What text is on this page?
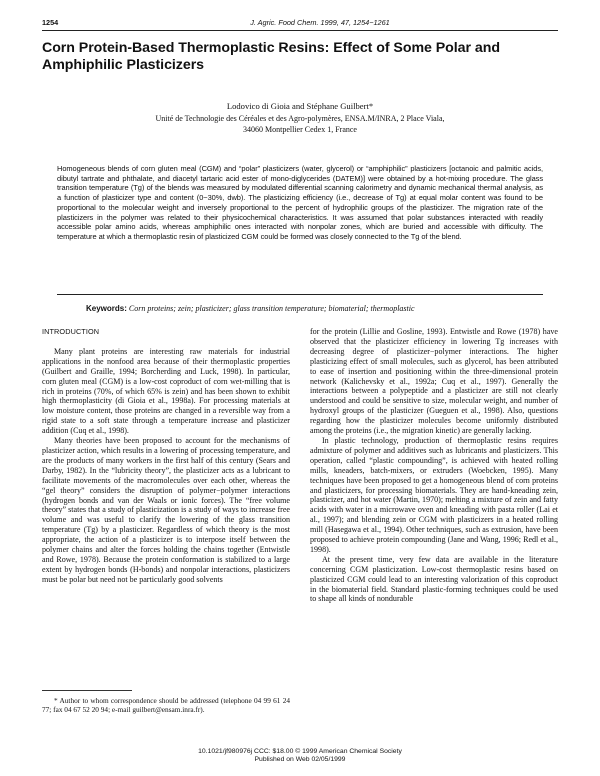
1254	J. Agric. Food Chem. 1999, 47, 1254−1261
Corn Protein-Based Thermoplastic Resins: Effect of Some Polar and Amphiphilic Plasticizers
Lodovico di Gioia and Stéphane Guilbert*
Unité de Technologie des Céréales et des Agro-polymères, ENSA.M/INRA, 2 Place Viala,
34060 Montpellier Cedex 1, France

Homogeneous blends of corn gluten meal (CGM) and “polar” plasticizers (water, glycerol) or “amphiphilic” plasticizers [octanoic and palmitic acids, dibutyl tartrate and phthalate, and diacetyl tartaric acid ester of mono-diglycerides (DATEM)] were obtained by a hot-mixing procedure. The glass transition temperature (Tg) of the blends was measured by modulated differential scanning calorimetry and dynamic mechanical thermal analysis, as a function of plasticizer type and content (0−30%, dwb). The plasticizing efficiency (i.e., decrease of Tg) at equal molar content was found to be proportional to the molecular weight and inversely proportional to the percent of hydrophilic groups of the plasticizer. The migration rate of the plasticizers in the polymer was related to their physicochemical characteristics. It was assumed that polar substances interacted with readily accessible polar amino acids, whereas amphiphilic ones interacted with nonpolar zones, which are buried and accessible with difficulty. The temperature at which a thermoplastic resin of plasticized CGM could be formed was closely connected to the Tg of the blend.

Keywords: Corn proteins; zein; plasticizer; glass transition temperature; biomaterial; thermoplastic
INTRODUCTION

Many plant proteins are interesting raw materials for industrial applications in the nonfood area because of their thermoplastic properties (Guilbert and Graille, 1994; Borcherding and Luck, 1998). In particular, corn gluten meal (CGM) is a low-cost coproduct of corn wet-milling that is rich in proteins (70%, of which 65% is zein) and has been shown to exhibit high thermoplasticity (di Gioia et al., 1998a). For processing materials at low moisture content, those proteins are changed in a reversible way from a rigid state to a soft state through a temperature increase and plasticizer addition (Cuq et al., 1998).

Many theories have been proposed to account for the mechanisms of plasticizer action, which results in a lowering of processing temperature, and are the products of many workers in the first half of this century (Sears and Darby, 1982). In the “lubricity theory”, the plasticizer acts as a lubricant to facilitate movements of the macromolecules over each other, whereas the “gel theory” considers the disruption of polymer−polymer interactions (hydrogen bonds and van der Waals or ionic forces). The “free volume theory” states that a study of plasticization is a study of ways to increase free volume and was useful to clarify the lowering of the glass transition temperature (Tg) by a plasticizer. Regardless of which theory is the most appropriate, the action of a plasticizer is to interpose itself between the polymer chains and alter the forces holding the chains together (Entwistle and Rowe, 1978). Because the protein conformation is stabilized to a large extent by hydrogen bonds (H-bonds) and nonpolar interactions, plasticizers must be polar but need not be particularly good solvents

for the protein (Lillie and Gosline, 1993). Entwistle and Rowe (1978) have observed that the plasticizer efficiency in lowering Tg increases with decreasing degree of plasticizer−polymer interactions. The higher plasticizing effect of small molecules, such as glycerol, has been attributed to ease of insertion and positioning within the three-dimensional protein network (Kalichevsky et al., 1992a; Cuq et al., 1997). Generally the interactions between a polypeptide and a plasticizer are still not clearly understood and could be sensitive to size, molecular weight, and number of hydroxyl groups of the plasticizer (Gueguen et al., 1998). Also, questions regarding how the plasticizer molecules become uniformly distributed among the proteins (i.e., the migration kinetic) are generally lacking.

In plastic technology, production of thermoplastic resins requires admixture of polymer and additives such as lubricants and plasticizers. This operation, called “plastic compounding”, is achieved with heated rolling mills, kneaders, batch-mixers, or extruders (Woebcken, 1995). Many techniques have been proposed to get a homogeneous blend of corn proteins and plasticizers, for processing biomaterials. They are hand-kneading zein, plasticizer, and hot water (Martin, 1970); melting a mixture of zein and fatty acids with water in a microwave oven and kneading with pasta roller (Lai et al., 1997); and blending zein or CGM with plasticizers in a heated rolling mill (Hasegawa et al., 1994). Other techniques, such as extrusion, have been proposed to achieve protein compounding (Jane and Wang, 1996; Redl et al., 1998).

At the present time, very few data are available in the literature concerning CGM plasticization. Low-cost thermoplastic resins based on plasticized CGM could lead to an interesting valorization of this coproduct in the biomaterial field. Standard plastic-forming techniques could be used to shape all kinds of nondurable

* Author to whom correspondence should be addressed (telephone 04 99 61 24 77; fax 04 67 52 20 94; e-mail guilbert@ensam.inra.fr).

10.1021/jf980976j CCC: $18.00 © 1999 American Chemical Society
Published on Web 02/05/1999
